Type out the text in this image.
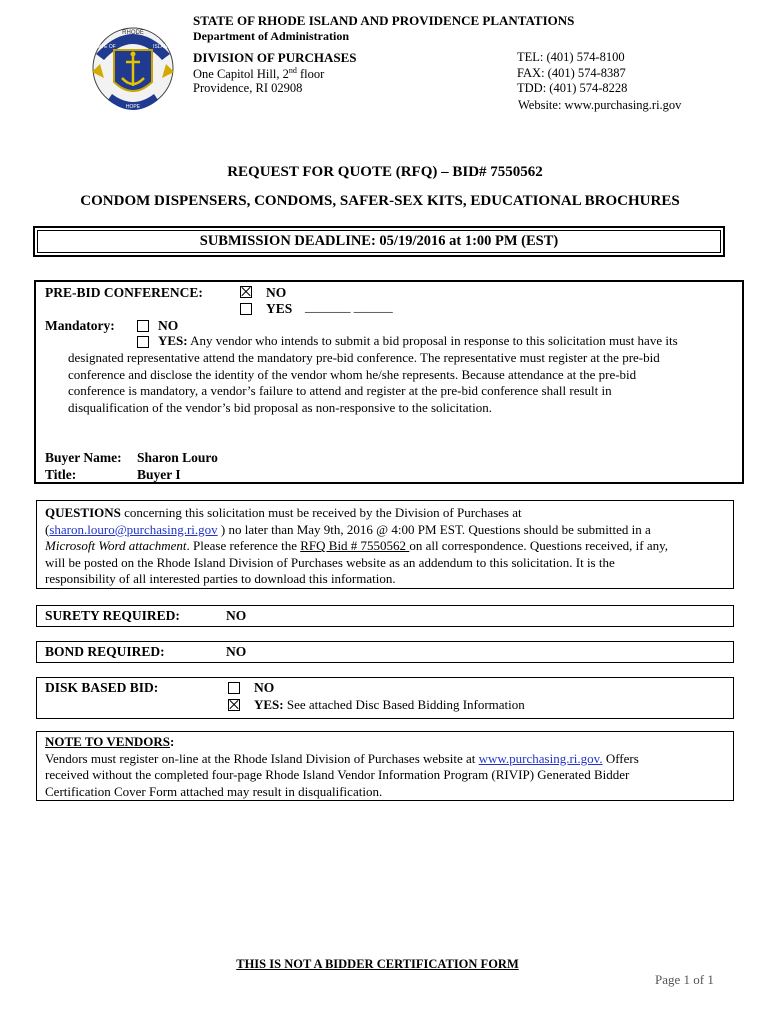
RHODE
STATE OF	ISLAND
HOPE
STATE OF RHODE ISLAND AND PROVIDENCE PLANTATIONS
Department of Administration
DIVISION OF PURCHASES
One Capitol Hill, 2nd floor
Providence, RI 02908
TEL: (401) 574-8100
FAX: (401) 574-8387
TDD: (401) 574-8228
Website: www.purchasing.ri.gov
REQUEST FOR QUOTE (RFQ) – BID# 7550562
CONDOM DISPENSERS, CONDOMS, SAFER-SEX KITS, EDUCATIONAL BROCHURES
SUBMISSION DEADLINE: 05/19/2016 at 1:00 PM (EST)
PRE-BID CONFERENCE:	NO
YES _______ ______
Mandatory:	NO
YES: Any vendor who intends to submit a bid proposal in response to this solicitation must have its
designated representative attend the mandatory pre-bid conference. The representative must register at the pre-bid
conference and disclose the identity of the vendor whom he/she represents. Because attendance at the pre-bid
conference is mandatory, a vendor’s failure to attend and register at the pre-bid conference shall result in
disqualification of the vendor’s bid proposal as non-responsive to the solicitation.
Buyer Name: Sharon Louro
Title:	Buyer I
QUESTIONS concerning this solicitation must be received by the Division of Purchases at
(sharon.louro@purchasing.ri.gov ) no later than May 9th, 2016 @ 4:00 PM EST. Questions should be submitted in a
Microsoft Word attachment. Please reference the RFQ Bid # 7550562 on all correspondence. Questions received, if any,
will be posted on the Rhode Island Division of Purchases website as an addendum to this solicitation. It is the
responsibility of all interested parties to download this information.
SURETY REQUIRED:	NO
BOND REQUIRED:	NO
DISK BASED BID:	NO
YES: See attached Disc Based Bidding Information
NOTE TO VENDORS:
Vendors must register on-line at the Rhode Island Division of Purchases website at www.purchasing.ri.gov. Offers
received without the completed four-page Rhode Island Vendor Information Program (RIVIP) Generated Bidder
Certification Cover Form attached may result in disqualification.
THIS IS NOT A BIDDER CERTIFICATION FORM
Page 1 of 1
